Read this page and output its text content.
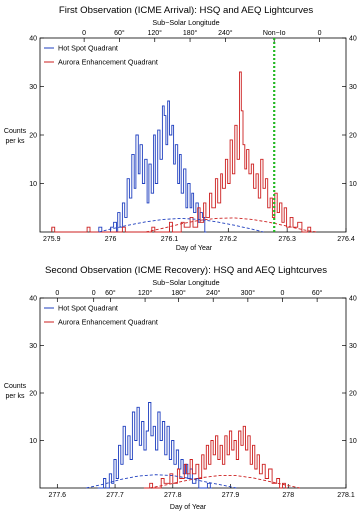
First Observation (ICME Arrival): HSQ and AEQ Lightcurves
Sub−Solar Longitude
Day of Year
Counts
per ks
275.9	276	276.1	276.2	276.3	276.4
60°	120°	180°	240°	Non−Io	0
0
10	10
20	20
30	30
40	40
Hot Spot Quadrant
Aurora Enhancement Quadrant
Second Observation (ICME Recovery): HSQ and AEQ Lightcurves
Sub−Solar Longitude
Day of Year
Counts
per ks
277.6	277.7	277.8	277.9	278	278.1
0	0 60°	120°	180°	240°	300°	0	60°
10	10
20	20
30	30
40	40
Hot Spot Quadrant
Aurora Enhancement Quadrant
